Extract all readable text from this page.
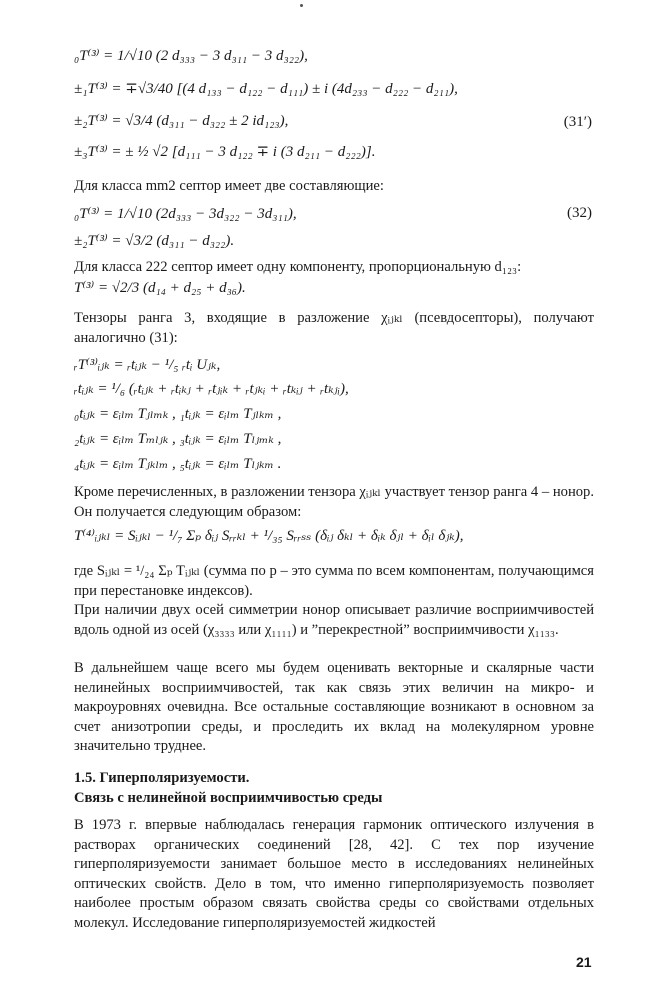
₀T⁽³⁾ = 1/√10 (2 d₃₃₃ − 3 d₃₁₁ − 3 d₃₂₂),
±₁T⁽³⁾ = ∓√3/40 [(4 d₁₃₃ − d₁₂₂ − d₁₁₁) ± i (4d₂₃₃ − d₂₂₂ − d₂₁₁),
±₂T⁽³⁾ = √3/4 (d₃₁₁ − d₃₂₂ ± 2 id₁₂₃),	(31′)
±₃T⁽³⁾ = ± ½ √2 [d₁₁₁ − 3 d₁₂₂ ∓ i (3 d₂₁₁ − d₂₂₂)].
Для класса mm2 септор имеет две составляющие:
₀T⁽³⁾ = 1/√10 (2d₃₃₃ − 3d₃₂₂ − 3d₃₁₁),	(32)
±₂T⁽³⁾ = √3/2 (d₃₁₁ − d₃₂₂).
Для класса 222 септор имеет одну компоненту, пропорциональную d₁₂₃:
T⁽³⁾ = √2/3 (d₁₄ + d₂₅ + d₃₆).
Тензоры ранга 3, входящие в разложение χᵢⱼₖₗ (псевдосепторы), получают аналогично (31):
ᵣT⁽³⁾ᵢⱼₖ = ᵣtᵢⱼₖ − ¹/₅ ᵣtᵢ Uⱼₖ,
ᵣtᵢⱼₖ = ¹/₆ (ᵣtᵢⱼₖ + ᵣtᵢₖⱼ + ᵣtⱼᵢₖ + ᵣtⱼₖᵢ + ᵣtₖᵢⱼ + ᵣtₖⱼᵢ),
₀tᵢⱼₖ = εᵢₗₘ Tⱼₗₘₖ , ₁tᵢⱼₖ = εᵢₗₘ Tⱼₗₖₘ ,
₂tᵢⱼₖ = εᵢₗₘ Tₘₗⱼₖ , ₃tᵢⱼₖ = εᵢₗₘ Tₗⱼₘₖ ,
₄tᵢⱼₖ = εᵢₗₘ Tⱼₖₗₘ , ₅tᵢⱼₖ = εᵢₗₘ Tₗⱼₖₘ .
Кроме перечисленных, в разложении тензора χᵢⱼₖₗ участвует тензор ранга 4 – нонор. Он получается следующим образом:
T⁽⁴⁾ᵢⱼₖₗ = Sᵢⱼₖₗ − ¹/₇ Σₚ δᵢⱼ Sᵣᵣₖₗ + ¹/₃₅ Sᵣᵣₛₛ (δᵢⱼ δₖₗ + δᵢₖ δⱼₗ + δᵢₗ δⱼₖ),
где Sᵢⱼₖₗ = ¹/₂₄ Σₚ Tᵢⱼₖₗ (сумма по p – это сумма по всем компонентам, получающимся при перестановке индексов).
При наличии двух осей симметрии нонор описывает различие восприимчивостей вдоль одной из осей (χ₃₃₃₃ или χ₁₁₁₁) и ”перекрестной” восприимчивости χ₁₁₃₃.
В дальнейшем чаще всего мы будем оценивать векторные и скалярные части нелинейных восприимчивостей, так как связь этих величин на микро- и макроуровнях очевидна. Все остальные составляющие возникают в основном за счет анизотропии среды, и проследить их вклад на молекулярном уровне значительно труднее.
1.5. Гиперполяризуемости.
Связь с нелинейной восприимчивостью среды
В 1973 г. впервые наблюдалась генерация гармоник оптического излучения в растворах органических соединений [28, 42]. С тех пор изучение гиперполяризуемости занимает большое место в исследованиях нелинейных оптических свойств. Дело в том, что именно гиперполяризуемость позволяет наиболее простым образом связать свойства среды со свойствами отдельных молекул. Исследование гиперполяризуемостей жидкостей
21
